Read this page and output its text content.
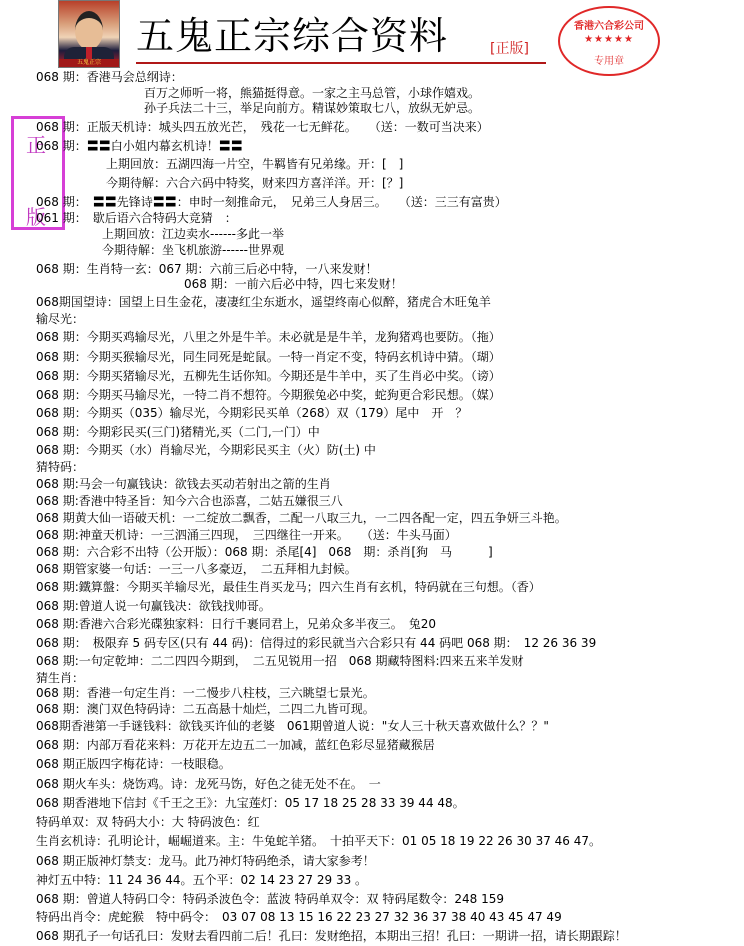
五鬼正宗
五鬼正宗综合资料	[正版]
香港六合彩公司
★★★★★
专用章
正
版
068 期：香港马会总纲诗：
百万之师听一将，熊猫挺得意。一家之主马总管，小球作嬉戏。
孙子兵法二十三，举足向前方。精谋妙策取七八，放纵无妒忌。
068 期：正版天机诗：城头四五放光芒，　残花一七无鲜花。　　（送：一数可当决来）
068 期：〓〓白小姐内幕玄机诗！〓〓
上期回放：五湖四海一片空，牛羁皆有兄弟缘。开：[　]
今期待解：六合六码中特奖，财来四方喜洋洋。开：[？]
068 期：　〓〓先锋诗〓〓：申时一刻推命元，　兄弟三人身居三。　　（送：三三有富贵）
061 期：　歇后语六合特码大竞猜　：
上期回放：江边卖水------多此一举
今期待解：坐飞机旅游------世界观
068 期：生肖特一玄：067 期：六前三后必中特，一八来发财！
068 期：一前六后必中特，四七来发财！
068期国望诗：国望上日生金花，凄凄红尘东逝水，遥望终南心似醉，猪虎合木旺兔羊
输尽光：
068 期：今期买鸡输尽光，八里之外是牛羊。未必就是是牛羊，龙狗猪鸡也要防。（拖）
068 期：今期买猴输尽光，同生同死是蛇鼠。一特一肖定不变，特码玄机诗中猜。（瑚）
068 期：今期买猪输尽光，五柳先生话你知。今期还是牛羊中，买了生肖必中奖。（谤）
068 期：今期买马输尽光，一特二肖不想符。今期猴兔必中奖，蛇狗更合彩民想。（媒）
068 期：今期买（035）输尽光，今期彩民买单（268）双（179）尾中　开　？
068 期：今期彩民买(三门)猪精光,买（二门,一门）中
068 期：今期买（水）肖输尽光，今期彩民买主（火）防(土) 中
猜特码：
068 期:马会一句赢钱诀：欲钱去买动若射出之箭的生肖
068 期:香港中特圣旨：知今六合也添喜，二姑五嫌很三八
068 期黄大仙一语破天机：一二绽放二飘香，二配一八取三九，一二四各配一定，四五争妍三斗艳。
068 期:神童天机诗：一三泗涌三四现，　三四继往一开来。　　（送：牛头马面）
068 期：六合彩不出特（公开版）：068 期：杀尾[4]　068　期：杀肖[狗　马　　　]
068 期管家婆一句话：一三一八多豪迈，　二五拜相九封候。
068 期:鐵算盤：今期买羊输尽光，最佳生肖买龙马；四六生肖有玄机，特码就在三句想。（香）
068 期:曾道人说一句赢钱决：欲钱找帅哥。
068 期:香港六合彩光碟独家料：日行千裹同君上，兄弟众多半夜三。　兔20
068 期：　极限弃 5 码专区(只有 44 码)：信得过的彩民就当六合彩只有 44 码吧 068 期：　12 26 36 39
068 期:一句定乾坤：二二四四今期到，　二五见锐用一招　068 期藏特图料:四来五来羊发财
猜生肖：
068 期：香港一句定生肖：一二慢步八柱枝，三六眺望七景光。
068 期：澳门双色特码诗：二五高悬十灿烂，二四二九皆可现。
068期香港第一手谜钱料：欲钱买许仙的老婆　061期曾道人说："女人三十秋天喜欢做什么？？"
068 期：内部万看花来料：万花开左边五二一加减，蓝红色彩尽显猪藏猴居
068 期正版四字梅花诗：一枝眼稳。
068 期火车头：烧饬鸡。诗：龙死马饬，好色之徒无处不在。　一
068 期香港地下信封《千王之王》：九宝莲灯：05 17 18 25 28 33 39 44 48。
特码单双：双 特码大小：大 特码波色：红
生肖玄机诗：孔明论计，崛崛道来。主：牛兔蛇羊猪。　十拍平天下：01 05 18 19 22 26 30 37 46 47。
068 期正版神灯禁支：龙马。此乃神灯特码绝杀，请大家参考！
神灯五中特：11 24 36 44。五个平：02 14 23 27 29 33 。
068 期：曾道人特码口令：特码杀波色令：蓝波 特码单双令：双 特码尾数令：248 159
特码出肖令：虎蛇猴　特中码令：　03 07 08 13 15 16 22 23 27 32 36 37 38 40 43 45 47 49
068 期孔子一句话孔曰：发财去看四前二后！孔曰：发财绝招，本期出三招！孔曰：一期讲一招，请长期跟踪！
